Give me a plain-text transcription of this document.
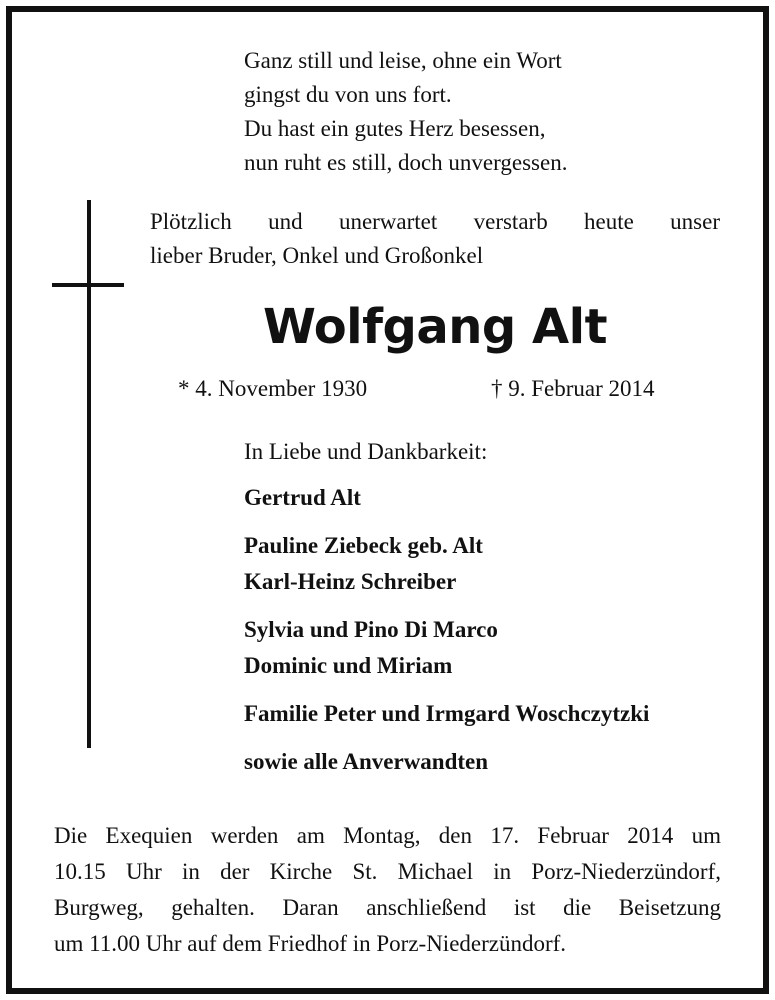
Ganz still und leise, ohne ein Wort
gingst du von uns fort.
Du hast ein gutes Herz besessen,
nun ruht es still, doch unvergessen.
Plötzlich und unerwartet verstarb heute unser
lieber Bruder, Onkel und Großonkel
Wolfgang Alt
* 4. November 1930	† 9. Februar 2014
In Liebe und Dankbarkeit:
Gertrud Alt
Pauline Ziebeck geb. Alt
Karl-Heinz Schreiber
Sylvia und Pino Di Marco
Dominic und Miriam
Familie Peter und Irmgard Woschczytzki
sowie alle Anverwandten
Die Exequien werden am Montag, den 17. Februar 2014 um
10.15 Uhr in der Kirche St. Michael in Porz-Niederzündorf,
Burgweg, gehalten. Daran anschließend ist die Beisetzung
um 11.00 Uhr auf dem Friedhof in Porz-Niederzündorf.
